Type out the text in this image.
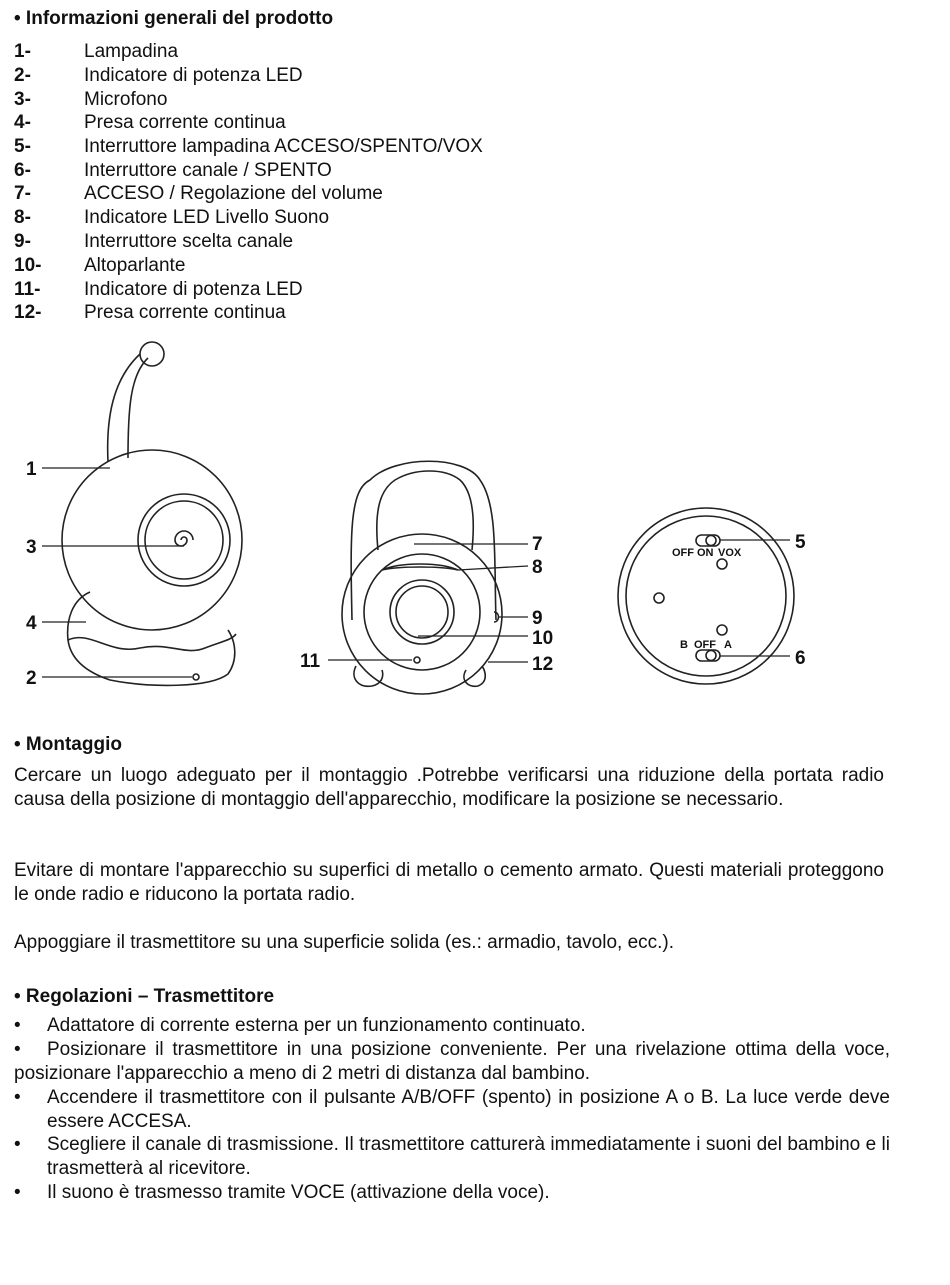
• Informazioni generali del prodotto
1-	Lampadina
2-	Indicatore di potenza LED
3-	Microfono
4-	Presa corrente continua
5-	Interruttore lampadina ACCESO/SPENTO/VOX
6-	Interruttore canale / SPENTO
7-	ACCESO / Regolazione del volume
8-	Indicatore LED Livello Suono
9-	Interruttore scelta canale
10- Altoparlante
11- Indicatore di potenza LED
12- Presa corrente continua
1
3
4
2
7
8
9
10
11	12
5
6
OFF ON VOX
B OFF A
• Montaggio
Cercare un luogo adeguato per il montaggio .Potrebbe verificarsi una riduzione della portata radio causa della posizione di montaggio dell'apparecchio, modificare la posizione se necessario.
Evitare di montare l'apparecchio su superfici di metallo o cemento armato. Questi materiali proteggono le onde radio e riducono la portata radio.
Appoggiare il trasmettitore su una superficie solida (es.: armadio, tavolo, ecc.).
• Regolazioni – Trasmettitore
•	Adattatore di corrente esterna per un funzionamento continuato.
•	Posizionare il trasmettitore in una posizione conveniente. Per una rivelazione ottima della voce, posizionare l'apparecchio a meno di 2 metri di distanza dal bambino.
•	Accendere il trasmettitore con il pulsante A/B/OFF (spento) in posizione A o B. La luce verde deve essere ACCESA.
•	Scegliere il canale di trasmissione. Il trasmettitore catturerà immediatamente i suoni del bambino e li trasmetterà al ricevitore.
•	Il suono è trasmesso tramite VOCE (attivazione della voce).
